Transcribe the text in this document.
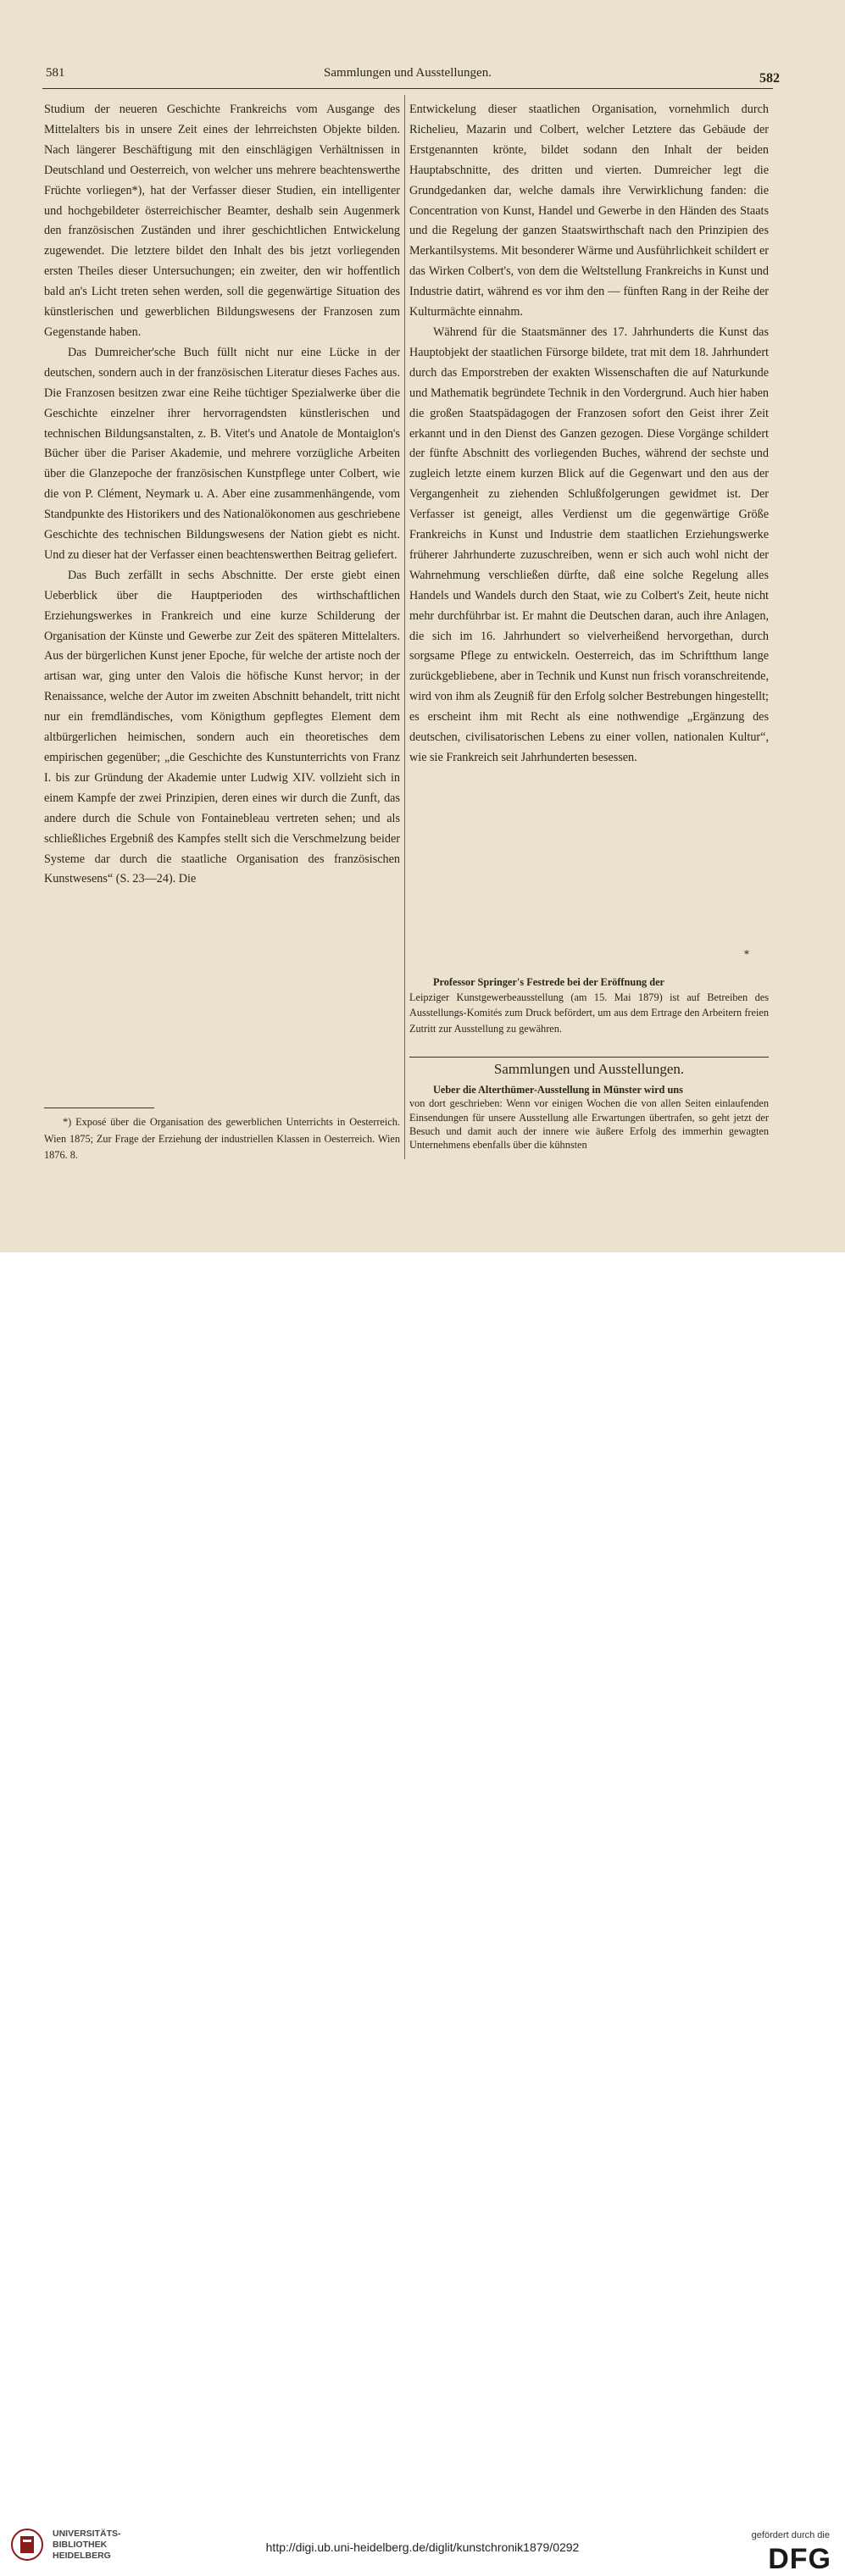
581	Sammlungen und Ausstellungen.	582

Studium der neueren Geschichte Frankreichs vom Ausgange des Mittelalters bis in unsere Zeit eines der lehrreichsten Objekte bilden. Nach längerer Beschäftigung mit den einschlägigen Verhältnissen in Deutschland und Oesterreich, von welcher uns mehrere beachtenswerthe Früchte vorliegen*), hat der Verfasser dieser Studien, ein intelligenter und hochgebildeter österreichischer Beamter, deshalb sein Augenmerk den französischen Zuständen und ihrer geschichtlichen Entwickelung zugewendet. Die letztere bildet den Inhalt des bis jetzt vorliegenden ersten Theiles dieser Untersuchungen; ein zweiter, den wir hoffentlich bald an's Licht treten sehen werden, soll die gegenwärtige Situation des künstlerischen und gewerblichen Bildungswesens der Franzosen zum Gegenstande haben.

Das Dumreicher'sche Buch füllt nicht nur eine Lücke in der deutschen, sondern auch in der französischen Literatur dieses Faches aus. Die Franzosen besitzen zwar eine Reihe tüchtiger Spezialwerke über die Geschichte einzelner ihrer hervorragendsten künstlerischen und technischen Bildungsanstalten, z. B. Vitet's und Anatole de Montaiglon's Bücher über die Pariser Akademie, und mehrere vorzügliche Arbeiten über die Glanzepoche der französischen Kunstpflege unter Colbert, wie die von P. Clément, Neymark u. A. Aber eine zusammenhängende, vom Standpunkte des Historikers und des Nationalökonomen aus geschriebene Geschichte des technischen Bildungswesens der Nation giebt es nicht. Und zu dieser hat der Verfasser einen beachtenswerthen Beitrag geliefert.

Das Buch zerfällt in sechs Abschnitte. Der erste giebt einen Ueberblick über die Hauptperioden des wirthschaftlichen Erziehungswerkes in Frankreich und eine kurze Schilderung der Organisation der Künste und Gewerbe zur Zeit des späteren Mittelalters. Aus der bürgerlichen Kunst jener Epoche, für welche der artiste noch der artisan war, ging unter den Valois die höfische Kunst hervor; in der Renaissance, welche der Autor im zweiten Abschnitt behandelt, tritt nicht nur ein fremdländisches, vom Königthum gepflegtes Element dem altbürgerlichen heimischen, sondern auch ein theoretisches dem empirischen gegenüber; „die Geschichte des Kunstunterrichts von Franz I. bis zur Gründung der Akademie unter Ludwig XIV. vollzieht sich in einem Kampfe der zwei Prinzipien, deren eines wir durch die Zunft, das andere durch die Schule von Fontainebleau vertreten sehen; und als schließliches Ergebniß des Kampfes stellt sich die Verschmelzung beider Systeme dar durch die staatliche Organisation des französischen Kunstwesens“ (S. 23—24). Die

*) Exposé über die Organisation des gewerblichen Unterrichts in Oesterreich. Wien 1875; Zur Frage der Erziehung der industriellen Klassen in Oesterreich. Wien 1876. 8.

Entwickelung dieser staatlichen Organisation, vornehmlich durch Richelieu, Mazarin und Colbert, welcher Letztere das Gebäude der Erstgenannten krönte, bildet sodann den Inhalt der beiden Hauptabschnitte, des dritten und vierten. Dumreicher legt die Grundgedanken dar, welche damals ihre Verwirklichung fanden: die Concentration von Kunst, Handel und Gewerbe in den Händen des Staats und die Regelung der ganzen Staatswirthschaft nach den Prinzipien des Merkantilsystems. Mit besonderer Wärme und Ausführlichkeit schildert er das Wirken Colbert's, von dem die Weltstellung Frankreichs in Kunst und Industrie datirt, während es vor ihm den — fünften Rang in der Reihe der Kulturmächte einnahm.

Während für die Staatsmänner des 17. Jahrhunderts die Kunst das Hauptobjekt der staatlichen Fürsorge bildete, trat mit dem 18. Jahrhundert durch das Emporstreben der exakten Wissenschaften die auf Naturkunde und Mathematik begründete Technik in den Vordergrund. Auch hier haben die großen Staatspädagogen der Franzosen sofort den Geist ihrer Zeit erkannt und in den Dienst des Ganzen gezogen. Diese Vorgänge schildert der fünfte Abschnitt des vorliegenden Buches, während der sechste und zugleich letzte einem kurzen Blick auf die Gegenwart und den aus der Vergangenheit zu ziehenden Schlußfolgerungen gewidmet ist. Der Verfasser ist geneigt, alles Verdienst um die gegenwärtige Größe Frankreichs in Kunst und Industrie dem staatlichen Erziehungswerke früherer Jahrhunderte zuzuschreiben, wenn er sich auch wohl nicht der Wahrnehmung verschließen dürfte, daß eine solche Regelung alles Handels und Wandels durch den Staat, wie zu Colbert's Zeit, heute nicht mehr durchführbar ist. Er mahnt die Deutschen daran, auch ihre Anlagen, die sich im 16. Jahrhundert so vielverheißend hervorgethan, durch sorgsame Pflege zu entwickeln. Oesterreich, das im Schriftthum lange zurückgebliebene, aber in Technik und Kunst nun frisch voranschreitende, wird von ihm als Zeugniß für den Erfolg solcher Bestrebungen hingestellt; es erscheint ihm mit Recht als eine nothwendige „Ergänzung des deutschen, civilisatorischen Lebens zu einer vollen, nationalen Kultur“, wie sie Frankreich seit Jahrhunderten besessen.

*

Professor Springer's Festrede bei der Eröffnung der

Leipziger Kunstgewerbeausstellung (am 15. Mai 1879) ist auf Betreiben des Ausstellungs-Komités zum Druck befördert, um aus dem Ertrage den Arbeitern freien Zutritt zur Ausstellung zu gewähren.

Sammlungen und Ausstellungen.

Ueber die Alterthümer-Ausstellung in Münster wird uns

von dort geschrieben: Wenn vor einigen Wochen die von allen Seiten einlaufenden Einsendungen für unsere Ausstellung alle Erwartungen übertrafen, so geht jetzt der Besuch und damit auch der innere wie äußere Erfolg des immerhin gewagten Unternehmens ebenfalls über die kühnsten

UNIVERSITÄTS-
BIBLIOTHEK
HEIDELBERG
http://digi.ub.uni-heidelberg.de/diglit/kunstchronik1879/0292
gefördert durch die
DFG
